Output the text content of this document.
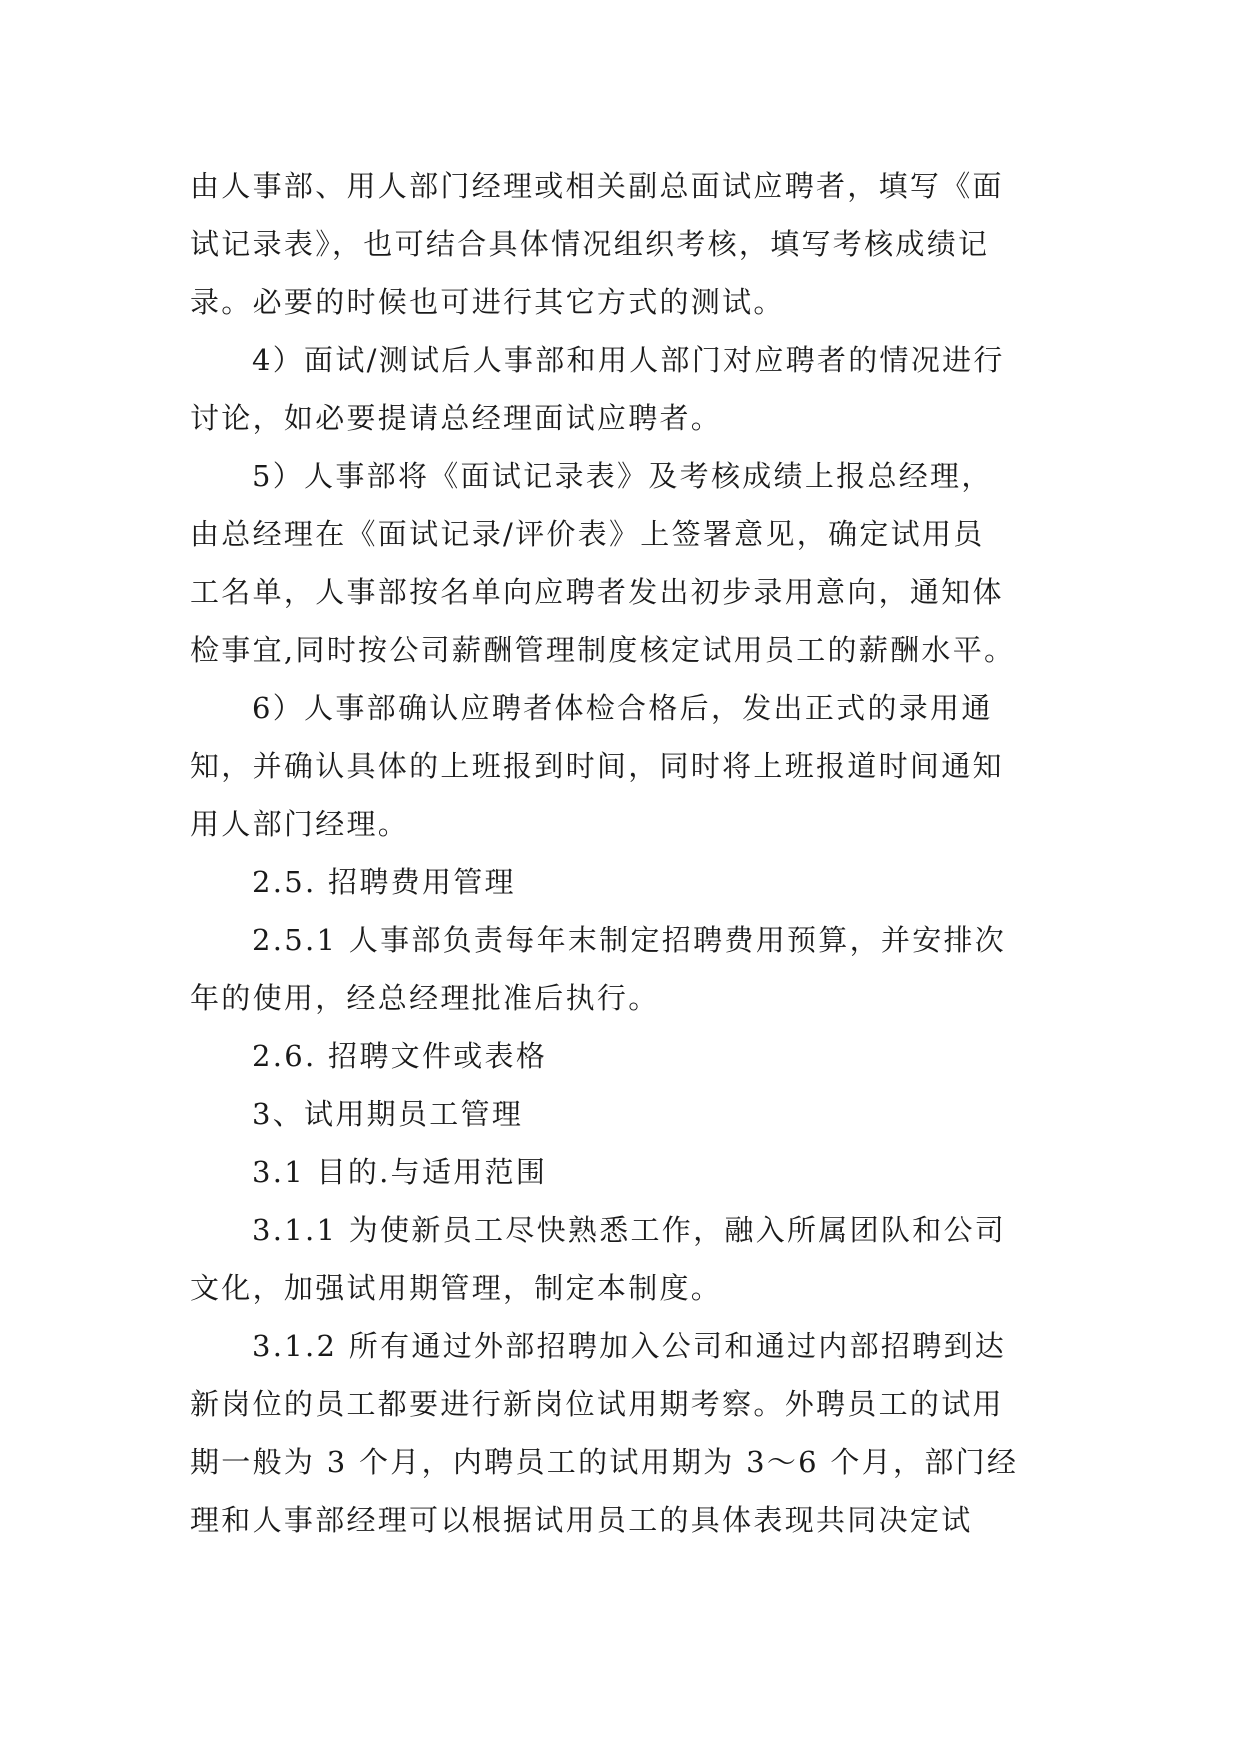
由人事部、用人部门经理或相关副总面试应聘者，填写《面
试记录表》，也可结合具体情况组织考核，填写考核成绩记
录。必要的时候也可进行其它方式的测试。
4）面试/测试后人事部和用人部门对应聘者的情况进行
讨论，如必要提请总经理面试应聘者。
5）人事部将《面试记录表》及考核成绩上报总经理，
由总经理在《面试记录/评价表》上签署意见，确定试用员
工名单，人事部按名单向应聘者发出初步录用意向，通知体
检事宜,同时按公司薪酬管理制度核定试用员工的薪酬水平。
6）人事部确认应聘者体检合格后，发出正式的录用通
知，并确认具体的上班报到时间，同时将上班报道时间通知
用人部门经理。
2.5. 招聘费用管理
2.5.1 人事部负责每年末制定招聘费用预算，并安排次
年的使用，经总经理批准后执行。
2.6. 招聘文件或表格
3、试用期员工管理
3.1 目的.与适用范围
3.1.1 为使新员工尽快熟悉工作，融入所属团队和公司
文化，加强试用期管理，制定本制度。
3.1.2 所有通过外部招聘加入公司和通过内部招聘到达
新岗位的员工都要进行新岗位试用期考察。外聘员工的试用
期一般为 3 个月，内聘员工的试用期为 3～6 个月，部门经
理和人事部经理可以根据试用员工的具体表现共同决定试
